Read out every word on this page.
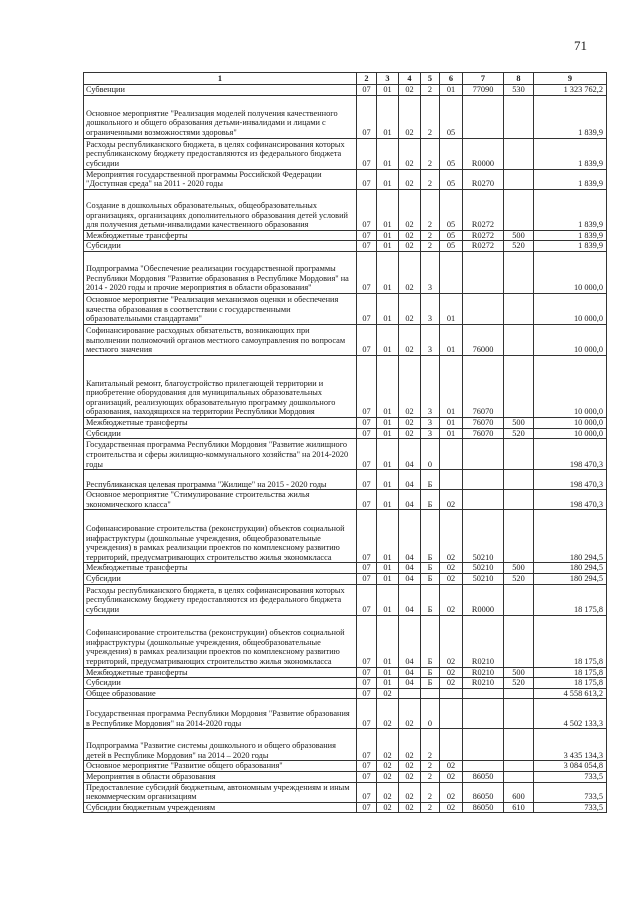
71
1	2	3	4	5	6	7	8	9
Субвенции	07	01	02	2	01	77090	530	1 323 762,2
Основное мероприятие "Реализация моделей получения качественного дошкольного и общего образования детьми-инвалидами и лицами с ограниченными возможностями здоровья"	07	01	02	2	05			1 839,9
Расходы республиканского бюджета, в целях софинансирования которых республиканскому бюджету предоставляются из федерального бюджета субсидии	07	01	02	2	05	R0000		1 839,9
Мероприятия государственной программы Российской Федерации "Доступная среда" на 2011 - 2020 годы	07	01	02	2	05	R0270		1 839,9
Создание в дошкольных образовательных, общеобразовательных организациях, организациях дополнительного образования детей условий для получения детьми-инвалидами качественного образования	07	01	02	2	05	R0272		1 839,9
Межбюджетные трансферты	07	01	02	2	05	R0272	500	1 839,9
Субсидии	07	01	02	2	05	R0272	520	1 839,9
Подпрограмма "Обеспечение реализации государственной программы Республики Мордовия "Развитие образования в Республике Мордовия" на 2014 - 2020 годы и прочие мероприятия в области образования"	07	01	02	3				10 000,0
Основное мероприятие "Реализация механизмов оценки и обеспечения качества образования в соответствии с государственными образовательными стандартами"	07	01	02	3	01			10 000,0
Софинансирование расходных обязательств, возникающих при выполнении полномочий органов местного самоуправления по вопросам местного значения	07	01	02	3	01	76000		10 000,0
Капитальный ремонт, благоустройство прилегающей территории и приобретение оборудования для муниципальных образовательных организаций, реализующих образовательную программу дошкольного образования, находящихся на территории Республики Мордовия	07	01	02	3	01	76070		10 000,0
Межбюджетные трансферты	07	01	02	3	01	76070	500	10 000,0
Субсидии	07	01	02	3	01	76070	520	10 000,0
Государственная программа Республики Мордовия "Развитие жилищного строительства и сферы жилищно-коммунального хозяйства" на 2014-2020 годы	07	01	04	0				198 470,3
Республиканская целевая программа "Жилище" на 2015 - 2020 годы	07	01	04	Б				198 470,3
Основное мероприятие "Стимулирование строительства жилья экономического класса"	07	01	04	Б	02			198 470,3
Софинансирование строительства (реконструкции) объектов социальной инфраструктуры (дошкольные учреждения, общеобразовательные учреждения) в рамках реализации проектов по комплексному развитию территорий, предусматривающих строительство жилья экономкласса	07	01	04	Б	02	50210		180 294,5
Межбюджетные трансферты	07	01	04	Б	02	50210	500	180 294,5
Субсидии	07	01	04	Б	02	50210	520	180 294,5
Расходы республиканского бюджета, в целях софинансирования которых республиканскому бюджету предоставляются из федерального бюджета субсидии	07	01	04	Б	02	R0000		18 175,8
Софинансирование строительства (реконструкции) объектов социальной инфраструктуры (дошкольные учреждения, общеобразовательные учреждения) в рамках реализации проектов по комплексному развитию территорий, предусматривающих строительство жилья экономкласса	07	01	04	Б	02	R0210		18 175,8
Межбюджетные трансферты	07	01	04	Б	02	R0210	500	18 175,8
Субсидии	07	01	04	Б	02	R0210	520	18 175,8
Общее образование	07	02						4 558 613,2
Государственная программа Республики Мордовия "Развитие образования в Республике Мордовия" на 2014-2020 годы	07	02	02	0				4 502 133,3
Подпрограмма "Развитие системы дошкольного и общего образования детей в Республике Мордовия" на 2014 – 2020 годы	07	02	02	2				3 435 134,3
Основное мероприятие "Развитие общего образования"	07	02	02	2	02			3 084 054,8
Мероприятия в области образования	07	02	02	2	02	86050		733,5
Предоставление субсидий бюджетным, автономным учреждениям и иным некоммерческим организациям	07	02	02	2	02	86050	600	733,5
Субсидии бюджетным учреждениям	07	02	02	2	02	86050	610	733,5
